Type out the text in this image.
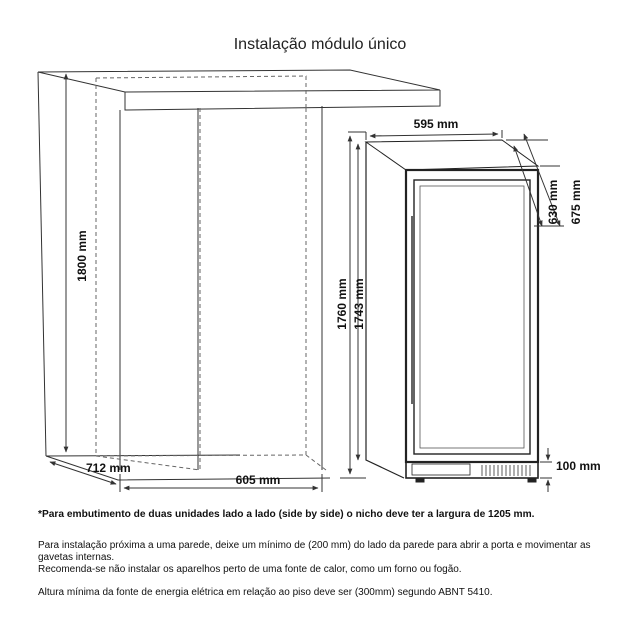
Instalação módulo único
1800 mm
712 mm
605 mm
595 mm
630 mm 675 mm
1760 mm 1743 mm
100 mm
*Para embutimento de duas unidades lado a lado (side by side) o nicho deve ter a largura de 1205 mm.
Para instalação próxima a uma parede, deixe um mínimo de (200 mm) do lado da parede para abrir a porta e movimentar as
gavetas internas.
Recomenda-se não instalar os aparelhos perto de uma fonte de calor, como um forno ou fogão.
Altura mínima da fonte de energia elétrica em relação ao piso deve ser (300mm) segundo ABNT 5410.
